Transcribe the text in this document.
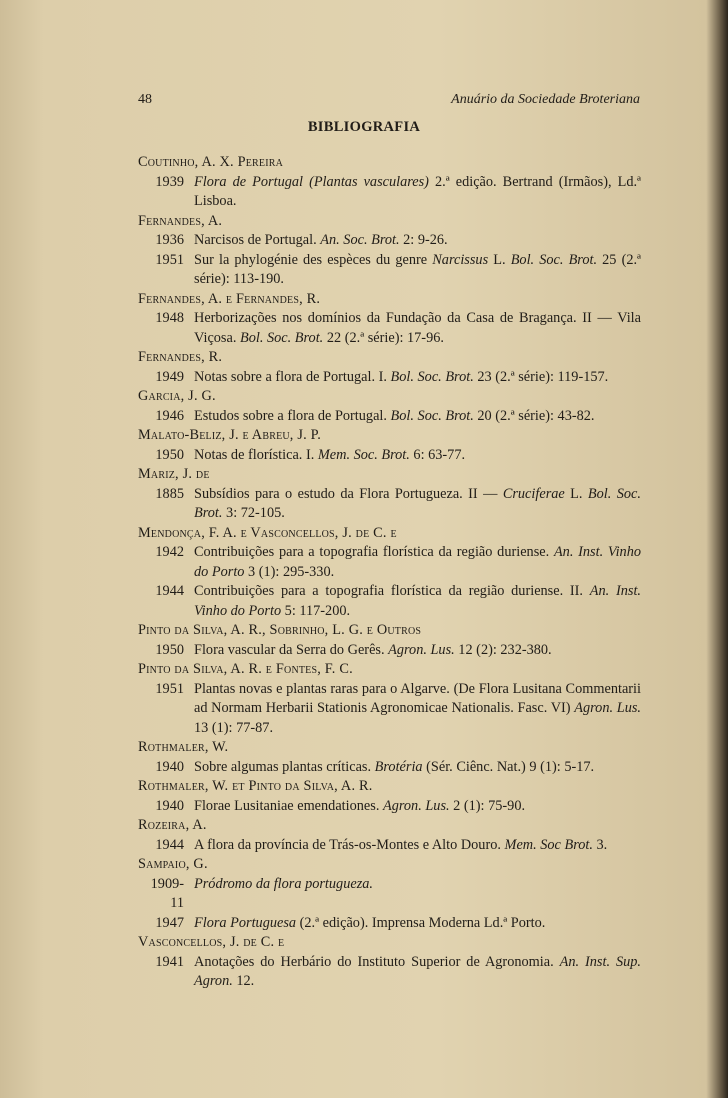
48	Anuário da Sociedade Broteriana
BIBLIOGRAFIA
Coutinho, A. X. Pereira
1939 Flora de Portugal (Plantas vasculares) 2.ª edição. Bertrand (Irmãos), Ld.ª Lisboa.
Fernandes, A.
1936 Narcisos de Portugal. An. Soc. Brot. 2: 9-26.
1951 Sur la phylogénie des espèces du genre Narcissus L. Bol. Soc. Brot. 25 (2.ª série): 113-190.
Fernandes, A. e Fernandes, R.
1948 Herborizações nos domínios da Fundação da Casa de Bragança. II — Vila Viçosa. Bol. Soc. Brot. 22 (2.ª série): 17-96.
Fernandes, R.
1949 Notas sobre a flora de Portugal. I. Bol. Soc. Brot. 23 (2.ª série): 119-157.
Garcia, J. G.
1946 Estudos sobre a flora de Portugal. Bol. Soc. Brot. 20 (2.ª série): 43-82.
Malato-Beliz, J. e Abreu, J. P.
1950 Notas de florística. I. Mem. Soc. Brot. 6: 63-77.
Mariz, J. de
1885 Subsídios para o estudo da Flora Portugueza. II — Cruciferae L. Bol. Soc. Brot. 3: 72-105.
Mendonça, F. A. e Vasconcellos, J. de C. e
1942 Contribuições para a topografia florística da região duriense. An. Inst. Vinho do Porto 3 (1): 295-330.
1944 Contribuições para a topografia florística da região duriense. II. An. Inst. Vinho do Porto 5: 117-200.
Pinto da Silva, A. R., Sobrinho, L. G. e Outros
1950 Flora vascular da Serra do Gerês. Agron. Lus. 12 (2): 232-380.
Pinto da Silva, A. R. e Fontes, F. C.
1951 Plantas novas e plantas raras para o Algarve. (De Flora Lusitana Commentarii ad Normam Herbarii Stationis Agronomicae Nationalis. Fasc. VI) Agron. Lus. 13 (1): 77-87.
Rothmaler, W.
1940 Sobre algumas plantas críticas. Brotéria (Sér. Ciênc. Nat.) 9 (1): 5-17.
Rothmaler, W. et Pinto da Silva, A. R.
1940 Florae Lusitaniae emendationes. Agron. Lus. 2 (1): 75-90.
Rozeira, A.
1944 A flora da província de Trás-os-Montes e Alto Douro. Mem. Soc Brot. 3.
Sampaio, G.
1909-11
Pródromo da flora portugueza.
1947 Flora Portuguesa (2.ª edição). Imprensa Moderna Ld.ª Porto.
Vasconcellos, J. de C. e
1941 Anotações do Herbário do Instituto Superior de Agronomia. An. Inst. Sup. Agron. 12.
